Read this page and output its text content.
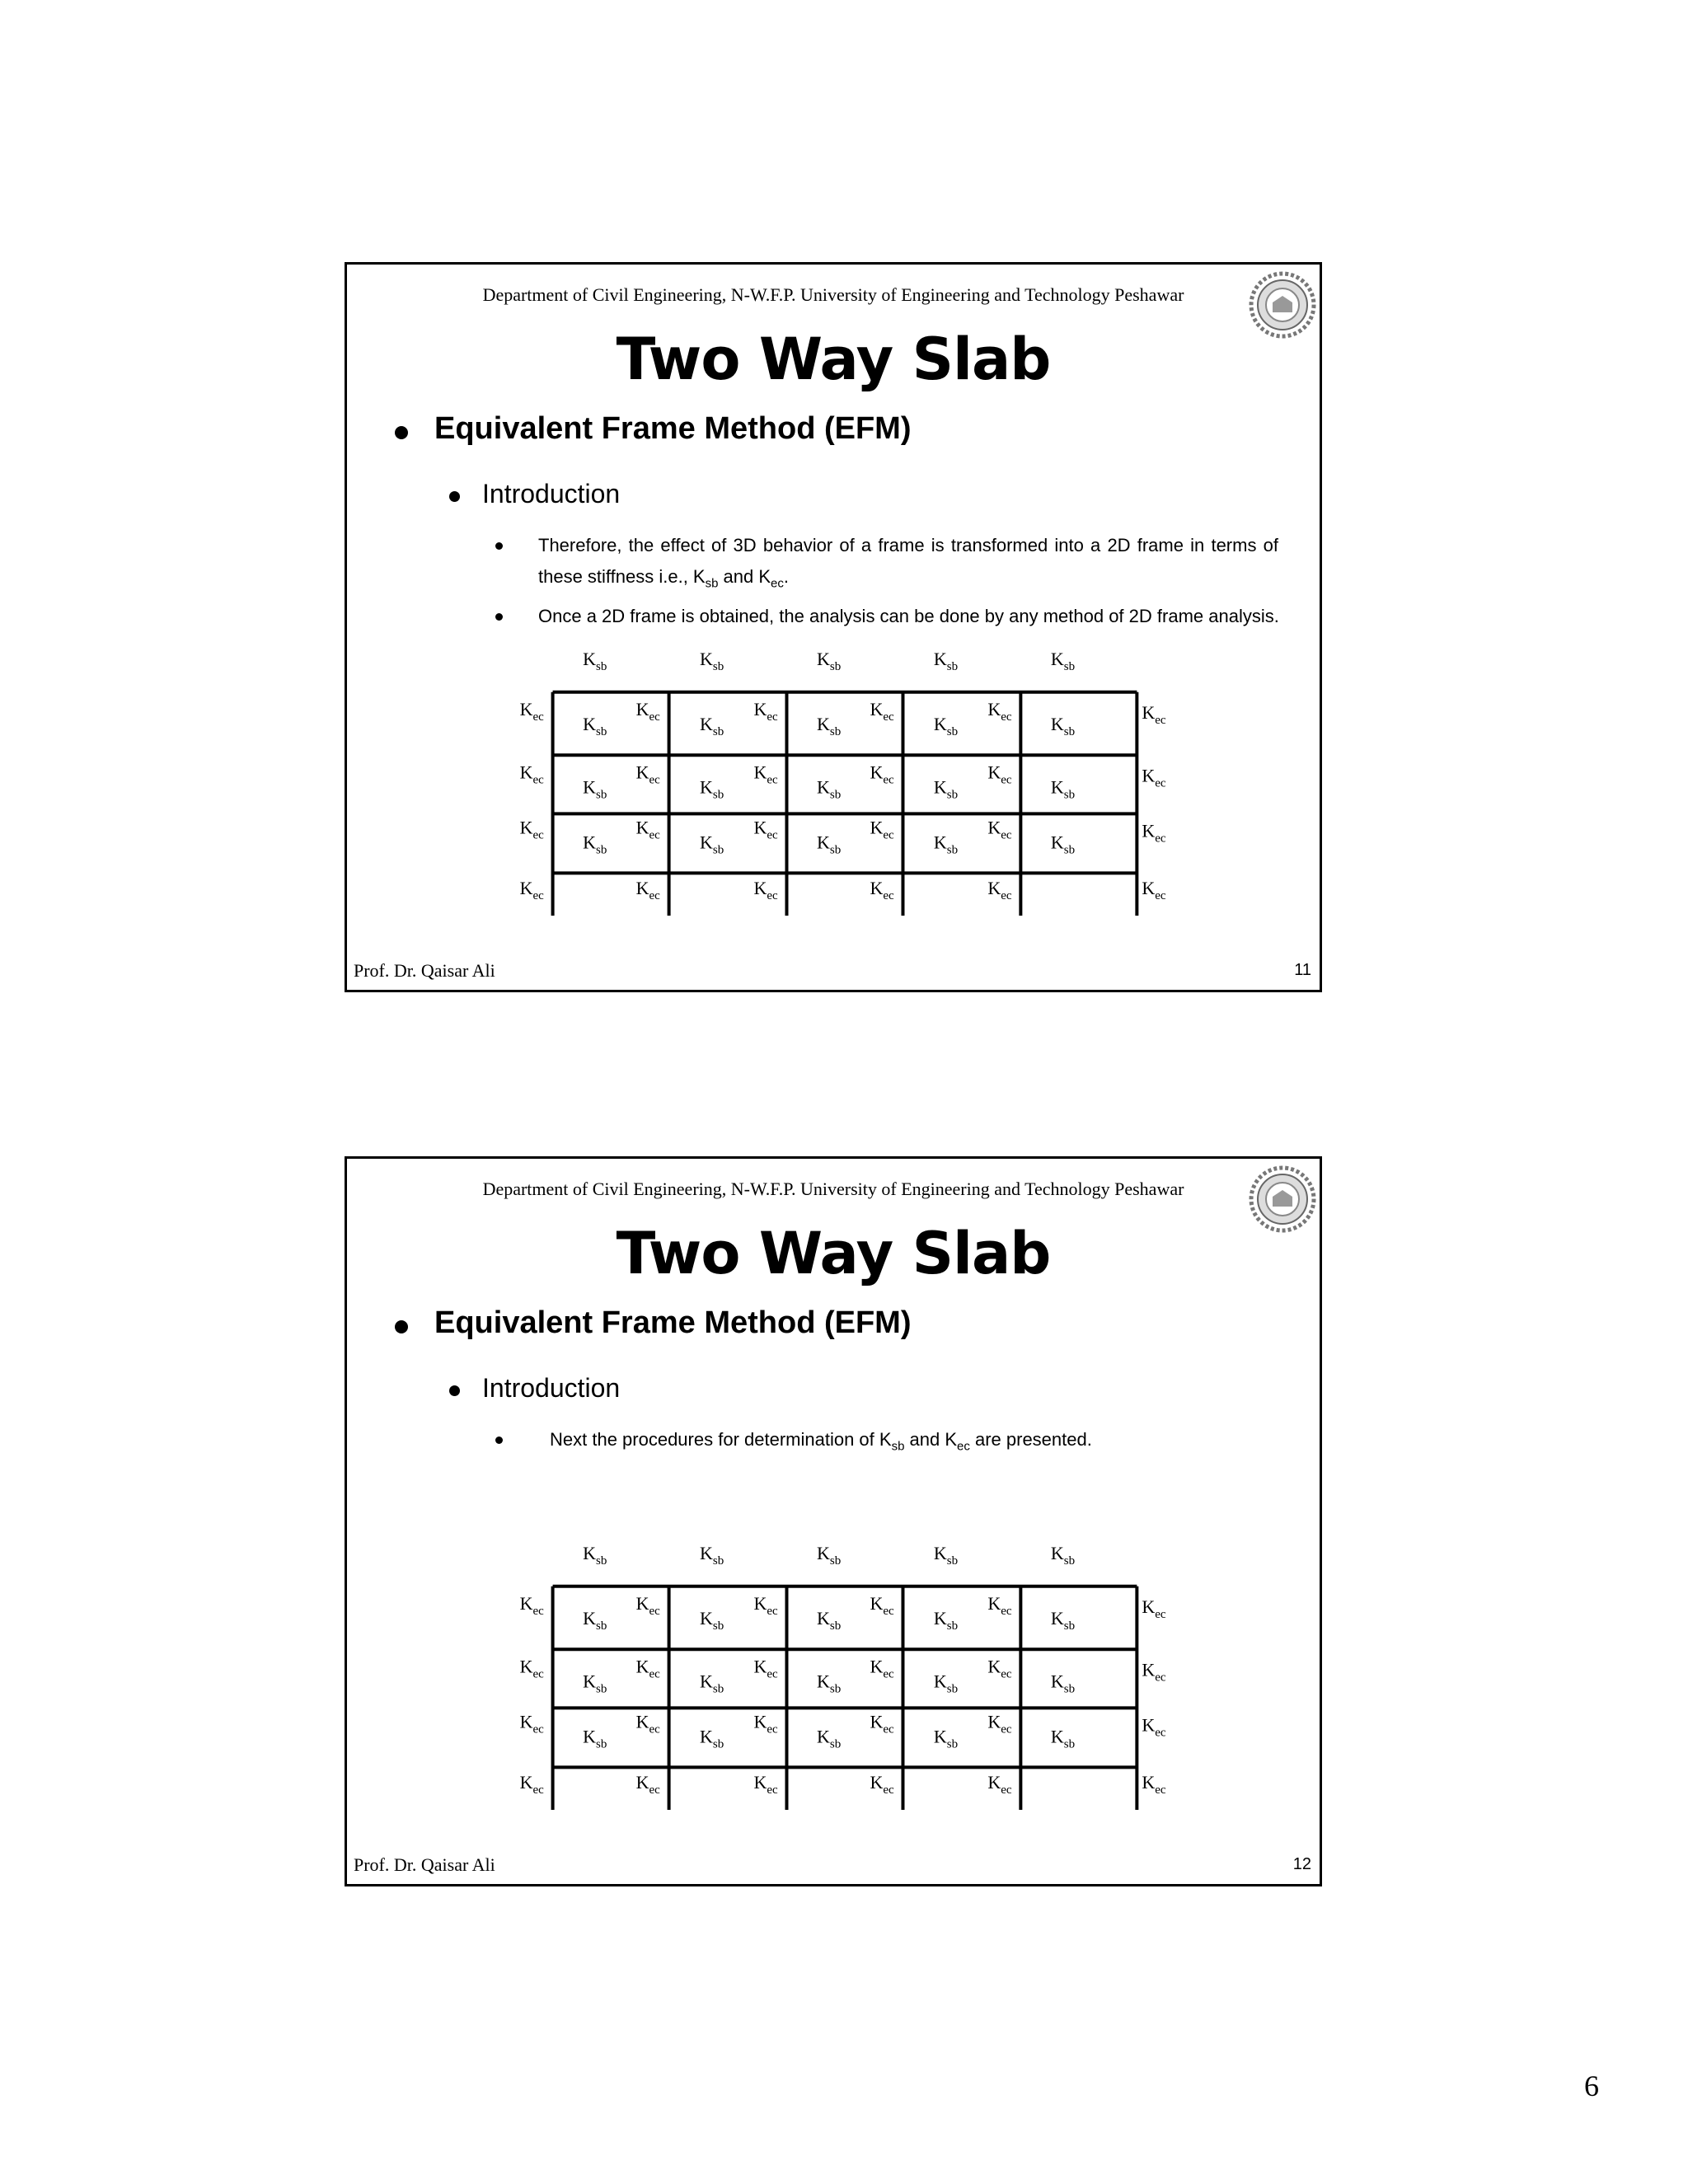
Department of Civil Engineering, N-W.F.P. University of Engineering and Technology Peshawar
Two Way Slab
Equivalent Frame Method (EFM)
Introduction
Therefore, the effect of 3D behavior of a frame is transformed into a 2D frame in terms of these stiffness i.e., $K_{sb}$ and $K_{ec}$.
Once a 2D frame is obtained, the analysis can be done by any method of 2D frame analysis.
$K_{sb}$	$K_{sb}$	$K_{sb}$	$K_{sb}$	$K_{sb}$
$K_{ec}$	$K_{ec}$	$K_{ec}$	$K_{ec}$	$K_{ec}$	$K_{ec}$
$K_{sb}$	$K_{sb}$	$K_{sb}$	$K_{sb}$	$K_{sb}$
$K_{ec}$	$K_{ec}$	$K_{ec}$	$K_{ec}$	$K_{ec}$	$K_{ec}$
$K_{sb}$	$K_{sb}$	$K_{sb}$	$K_{sb}$	$K_{sb}$
$K_{ec}$	$K_{ec}$	$K_{ec}$	$K_{ec}$	$K_{ec}$	$K_{ec}$
$K_{sb}$	$K_{sb}$	$K_{sb}$	$K_{sb}$	$K_{sb}$
$K_{ec}$	$K_{ec}$	$K_{ec}$	$K_{ec}$	$K_{ec}$	$K_{ec}$
Prof. Dr. Qaisar Ali	11
Department of Civil Engineering, N-W.F.P. University of Engineering and Technology Peshawar
Two Way Slab
Equivalent Frame Method (EFM)
Introduction
Next the procedures for determination of $K_{sb}$ and $K_{ec}$ are presented.
$K_{sb}$	$K_{sb}$	$K_{sb}$	$K_{sb}$	$K_{sb}$
$K_{ec}$	$K_{ec}$	$K_{ec}$	$K_{ec}$	$K_{ec}$	$K_{ec}$
$K_{sb}$	$K_{sb}$	$K_{sb}$	$K_{sb}$	$K_{sb}$
$K_{ec}$	$K_{ec}$	$K_{ec}$	$K_{ec}$	$K_{ec}$	$K_{ec}$
$K_{sb}$	$K_{sb}$	$K_{sb}$	$K_{sb}$	$K_{sb}$
$K_{ec}$	$K_{ec}$	$K_{ec}$	$K_{ec}$	$K_{ec}$	$K_{ec}$
$K_{sb}$	$K_{sb}$	$K_{sb}$	$K_{sb}$	$K_{sb}$
$K_{ec}$	$K_{ec}$	$K_{ec}$	$K_{ec}$	$K_{ec}$	$K_{ec}$
Prof. Dr. Qaisar Ali	12
6
